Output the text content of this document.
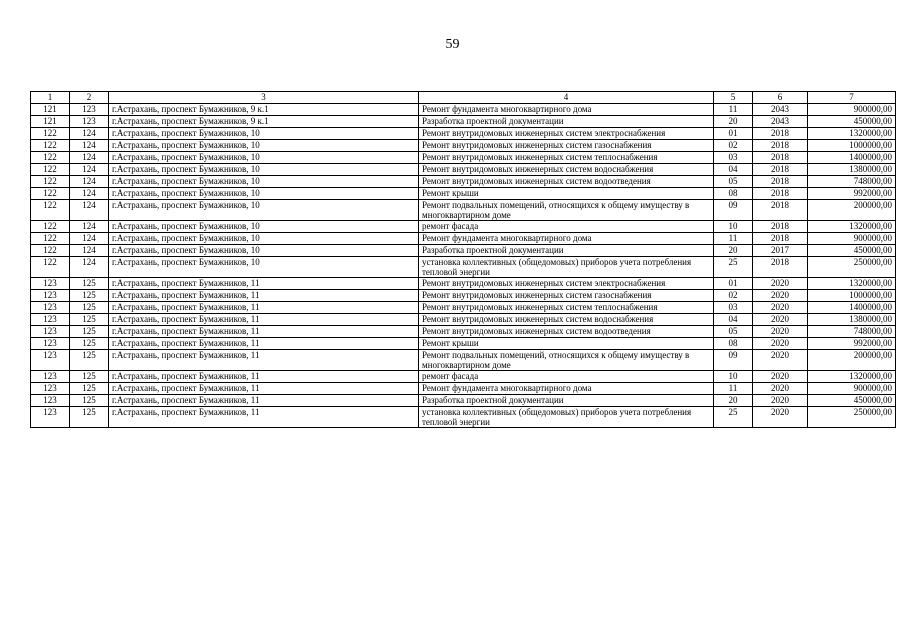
59
1	2	3	4	5	6	7
121	123	г.Астрахань, проспект Бумажников, 9 к.1	Ремонт фундамента многоквартирного дома	11	2043	900000,00
121	123	г.Астрахань, проспект Бумажников, 9 к.1	Разработка проектной документации	20	2043	450000,00
122	124	г.Астрахань, проспект Бумажников, 10	Ремонт внутридомовых инженерных систем электроснабжения	01	2018	1320000,00
122	124	г.Астрахань, проспект Бумажников, 10	Ремонт внутридомовых инженерных систем газоснабжения	02	2018	1000000,00
122	124	г.Астрахань, проспект Бумажников, 10	Ремонт внутридомовых инженерных систем теплоснабжения	03	2018	1400000,00
122	124	г.Астрахань, проспект Бумажников, 10	Ремонт внутридомовых инженерных систем водоснабжения	04	2018	1380000,00
122	124	г.Астрахань, проспект Бумажников, 10	Ремонт внутридомовых инженерных систем водоотведения	05	2018	748000,00
122	124	г.Астрахань, проспект Бумажников, 10	Ремонт крыши	08	2018	992000,00
122	124	г.Астрахань, проспект Бумажников, 10	Ремонт подвальных помещений, относящихся к общему имуществу в многоквартирном доме	09	2018	200000,00
122	124	г.Астрахань, проспект Бумажников, 10	ремонт фасада	10	2018	1320000,00
122	124	г.Астрахань, проспект Бумажников, 10	Ремонт фундамента многоквартирного дома	11	2018	900000,00
122	124	г.Астрахань, проспект Бумажников, 10	Разработка проектной документации	20	2017	450000,00
122	124	г.Астрахань, проспект Бумажников, 10	установка коллективных (общедомовых) приборов учета потребления тепловой энергии	25	2018	250000,00
123	125	г.Астрахань, проспект Бумажников, 11	Ремонт внутридомовых инженерных систем электроснабжения	01	2020	1320000,00
123	125	г.Астрахань, проспект Бумажников, 11	Ремонт внутридомовых инженерных систем газоснабжения	02	2020	1000000,00
123	125	г.Астрахань, проспект Бумажников, 11	Ремонт внутридомовых инженерных систем теплоснабжения	03	2020	1400000,00
123	125	г.Астрахань, проспект Бумажников, 11	Ремонт внутридомовых инженерных систем водоснабжения	04	2020	1380000,00
123	125	г.Астрахань, проспект Бумажников, 11	Ремонт внутридомовых инженерных систем водоотведения	05	2020	748000,00
123	125	г.Астрахань, проспект Бумажников, 11	Ремонт крыши	08	2020	992000,00
123	125	г.Астрахань, проспект Бумажников, 11	Ремонт подвальных помещений, относящихся к общему имуществу в многоквартирном доме	09	2020	200000,00
123	125	г.Астрахань, проспект Бумажников, 11	ремонт фасада	10	2020	1320000,00
123	125	г.Астрахань, проспект Бумажников, 11	Ремонт фундамента многоквартирного дома	11	2020	900000,00
123	125	г.Астрахань, проспект Бумажников, 11	Разработка проектной документации	20	2020	450000,00
123	125	г.Астрахань, проспект Бумажников, 11	установка коллективных (общедомовых) приборов учета потребления тепловой энергии	25	2020	250000,00
